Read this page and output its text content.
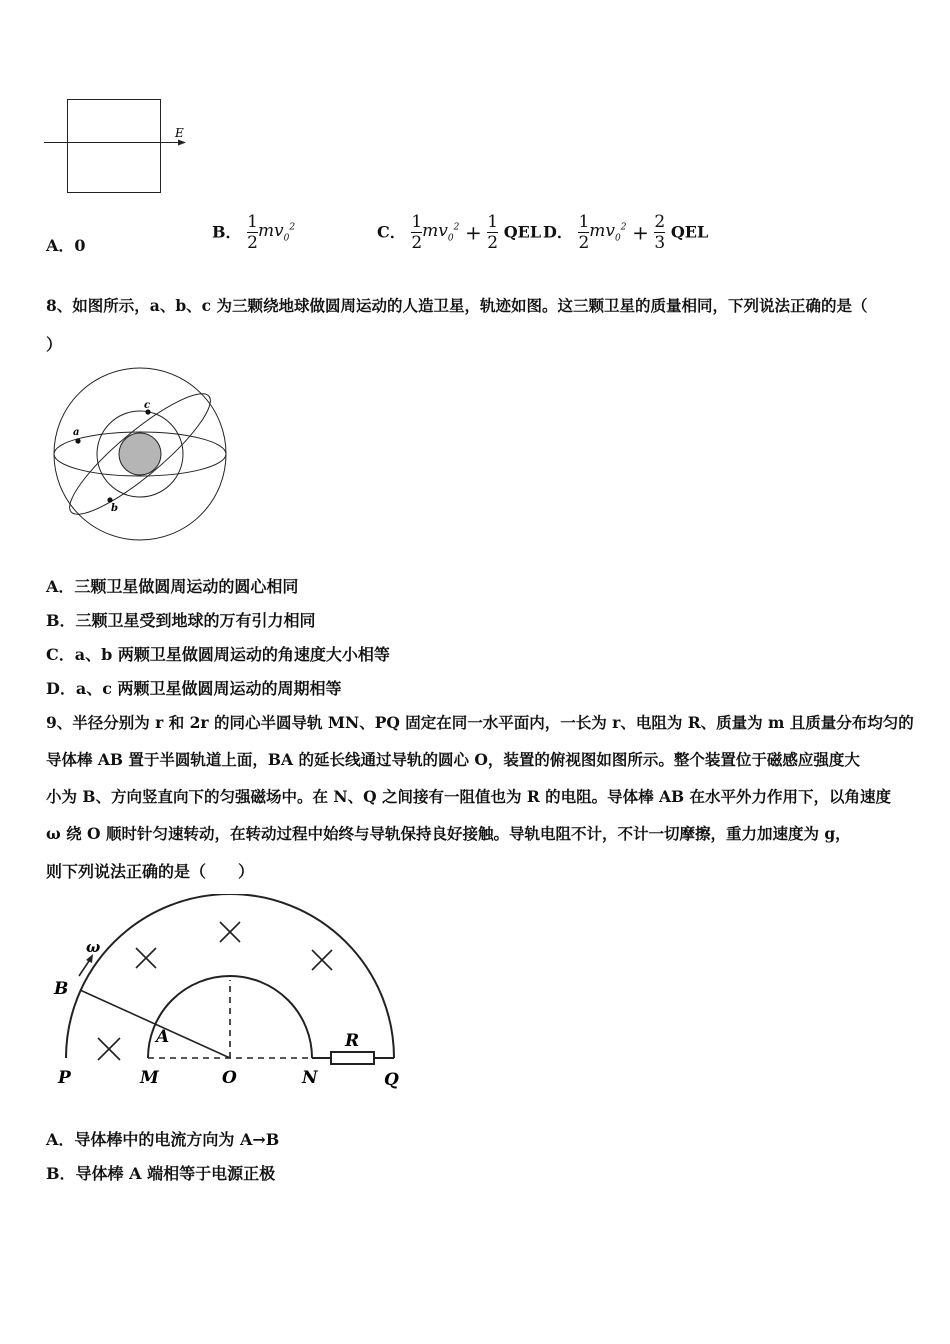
E
A．0
B． $\frac{1}{2} mv_0^2$	C． $\frac{1}{2} mv_0^2 + \frac{1}{2}$ QEL D． $\frac{1}{2} mv_0^2 + \frac{2}{3}$ QEL
8、如图所示，a、b、c 为三颗绕地球做圆周运动的人造卫星，轨迹如图。这三颗卫星的质量相同，下列说法正确的是（
）
a
b
c
A．三颗卫星做圆周运动的圆心相同
B．三颗卫星受到地球的万有引力相同
C．a、b 两颗卫星做圆周运动的角速度大小相等
D．a、c 两颗卫星做圆周运动的周期相等
9、半径分别为 r 和 2r 的同心半圆导轨 MN、PQ 固定在同一水平面内，一长为 r、电阻为 R、质量为 m 且质量分布均匀的
导体棒 AB 置于半圆轨道上面，BA 的延长线通过导轨的圆心 O，装置的俯视图如图所示。整个装置位于磁感应强度大
小为 B、方向竖直向下的匀强磁场中。在 N、Q 之间接有一阻值也为 R 的电阻。导体棒 AB 在水平外力作用下，以角速度
ω 绕 O 顺时针匀速转动，在转动过程中始终与导轨保持良好接触。导轨电阻不计，不计一切摩擦，重力加速度为 g，
则下列说法正确的是（　　）
P	M	O	N	Q
A
B
R
ω
A．导体棒中的电流方向为 A→B
B．导体棒 A 端相等于电源正极
